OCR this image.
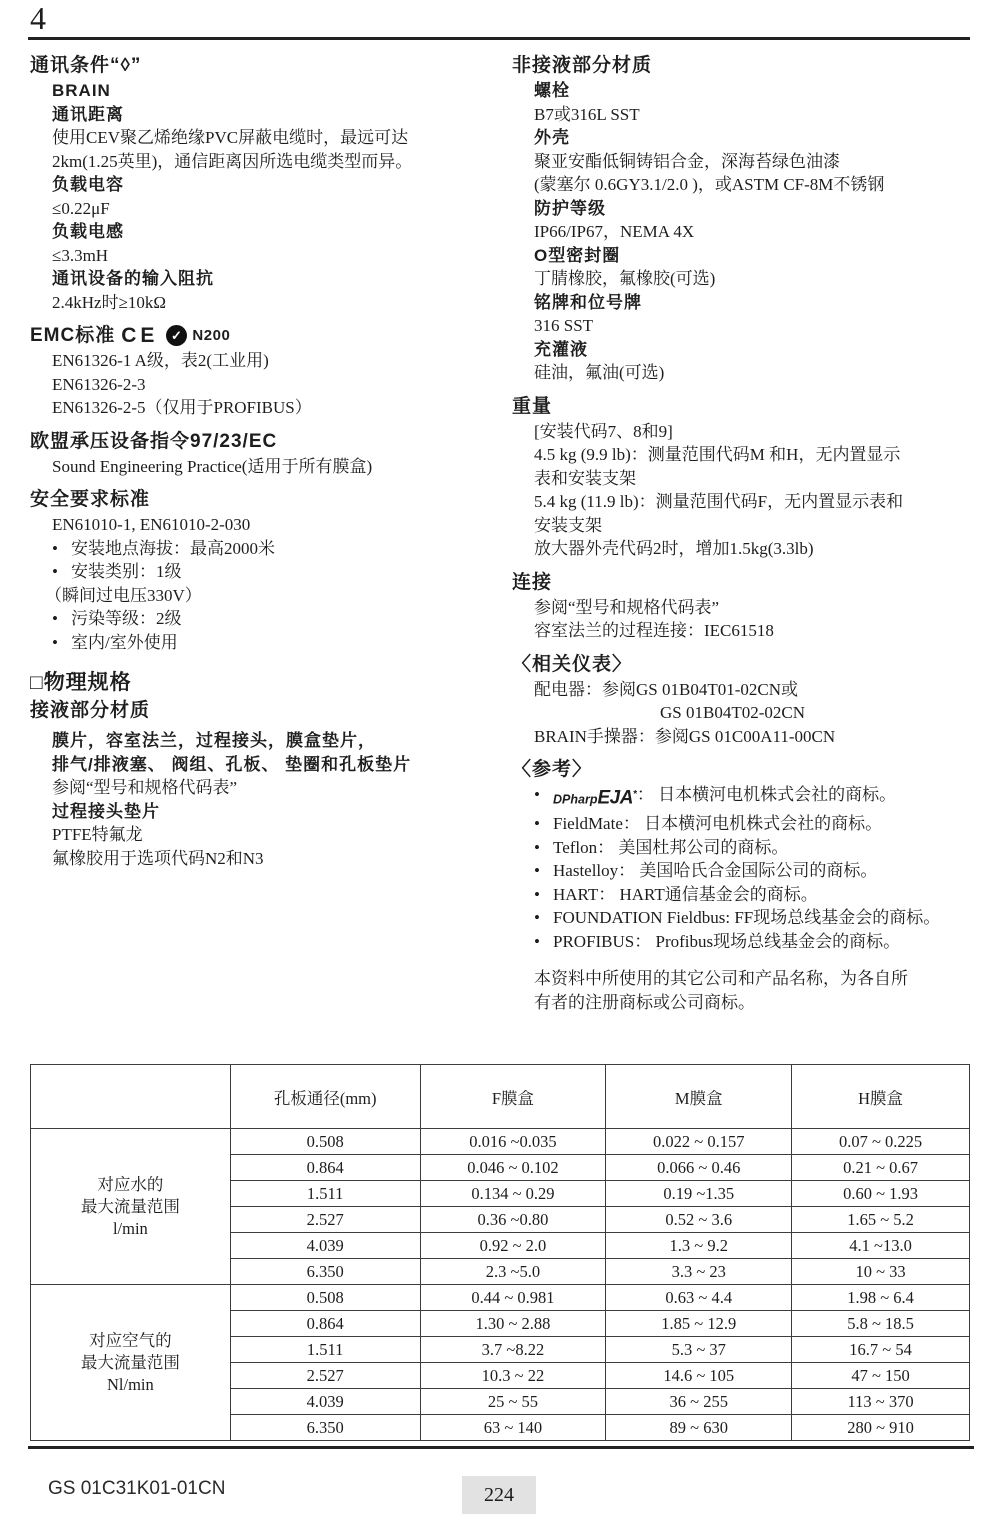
4
通讯条件“◊”
BRAIN
通讯距离
使用CEV聚乙烯绝缘PVC屏蔽电缆时，最远可达
2km(1.25英里)，通信距离因所选电缆类型而异。
负载电容
≤0.22μF
负载电感
≤3.3mH
通讯设备的输入阻抗
2.4kHz时≥10kΩ
EMC标准 CE ✓ N200
EN61326-1 A级，表2(工业用)
EN61326-2-3
EN61326-2-5（仅用于PROFIBUS）
欧盟承压设备指令97/23/EC
Sound Engineering Practice(适用于所有膜盒)
安全要求标准
EN61010-1, EN61010-2-030
• 安装地点海拔：最高2000米
• 安装类别：1级
（瞬间过电压330V）
• 污染等级：2级
• 室内/室外使用
□物理规格
接液部分材质
膜片，容室法兰，过程接头，膜盒垫片，
排气/排液塞、 阀组、孔板、 垫圈和孔板垫片
参阅“型号和规格代码表”
过程接头垫片
PTFE特氟龙
氟橡胶用于选项代码N2和N3
非接液部分材质
螺栓
B7或316L SST
外壳
聚亚安酯低铜铸铝合金，深海苔绿色油漆
(蒙塞尔 0.6GY3.1/2.0 )，或ASTM CF-8M不锈钢
防护等级
IP66/IP67，NEMA 4X
O型密封圈
丁腈橡胶，氟橡胶(可选)
铭牌和位号牌
316 SST
充灌液
硅油，氟油(可选)
重量
[安装代码7、8和9]
4.5 kg (9.9 lb)：测量范围代码M 和H，无内置显示
表和安装支架
5.4 kg (11.9 lb)：测量范围代码F，无内置显示表和
安装支架
放大器外壳代码2时，增加1.5kg(3.3lb)
连接
参阅“型号和规格代码表”
容室法兰的过程连接：IEC61518
〈相关仪表〉
配电器：参阅GS 01B04T01-02CN或
GS 01B04T02-02CN
BRAIN手操器：参阅GS 01C00A11-00CN
〈参考〉
•	DPharpEJA* ： 日本横河电机株式会社的商标。
• FieldMate： 日本横河电机株式会社的商标。
• Teflon： 美国杜邦公司的商标。
• Hastelloy： 美国哈氏合金国际公司的商标。
• HART： HART通信基金会的商标。
• FOUNDATION Fieldbus: FF现场总线基金会的商标。
• PROFIBUS： Profibus现场总线基金会的商标。
本资料中所使用的其它公司和产品名称，为各自所
有者的注册商标或公司商标。
	孔板通径(mm)	F膜盒	M膜盒	H膜盒

对应水的
最大流量范围
l/min	0.508	0.016 ~0.035	0.022 ~ 0.157	0.07 ~ 0.225
	0.864	0.046 ~ 0.102	0.066 ~ 0.46	0.21 ~ 0.67
	1.511	0.134 ~ 0.29	0.19 ~1.35	0.60 ~ 1.93
	2.527	0.36 ~0.80	0.52 ~ 3.6	1.65 ~ 5.2
	4.039	0.92 ~ 2.0	1.3 ~ 9.2	4.1 ~13.0
	6.350	2.3 ~5.0	3.3 ~ 23	10 ~ 33

对应空气的
最大流量范围
Nl/min	0.508	0.44 ~ 0.981	0.63 ~ 4.4	1.98 ~ 6.4
	0.864	1.30 ~ 2.88	1.85 ~ 12.9	5.8 ~ 18.5
	1.511	3.7 ~8.22	5.3 ~ 37	16.7 ~ 54
	2.527	10.3 ~ 22	14.6 ~ 105	47 ~ 150
	4.039	25 ~ 55	36 ~ 255	113 ~ 370
	6.350	63 ~ 140	89 ~ 630	280 ~ 910
GS 01C31K01-01CN	224
